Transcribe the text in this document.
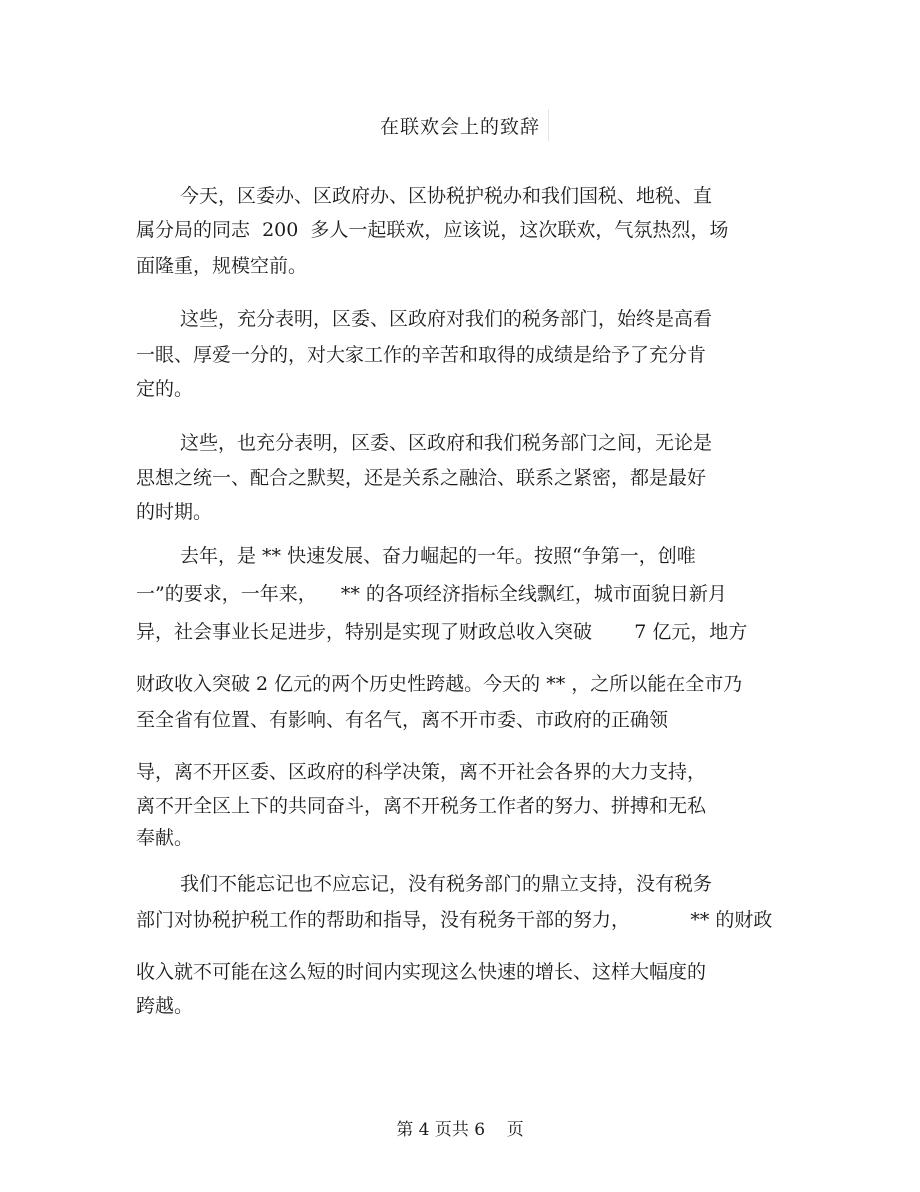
在联欢会上的致辞
今天，区委办、区政府办、区协税护税办和我们国税、地税、直
属分局的同志  200  多人一起联欢，应该说，这次联欢，气氛热烈，场
面隆重，规模空前。
这些，充分表明，区委、区政府对我们的税务部门，始终是高看
一眼、厚爱一分的，对大家工作的辛苦和取得的成绩是给予了充分肯
定的。
这些，也充分表明，区委、区政府和我们税务部门之间，无论是
思想之统一、配合之默契，还是关系之融洽、联系之紧密，都是最好
的时期。
去年，是 ** 快速发展、奋力崛起的一年。按照“争第一，创唯
一”的要求，一年来，    ** 的各项经济指标全线飘红，城市面貌日新月
异，社会事业长足进步，特别是实现了财政总收入突破       7 亿元，地方
财政收入突破 2 亿元的两个历史性跨越。今天的 ** ，之所以能在全市乃
至全省有位置、有影响、有名气，离不开市委、市政府的正确领
导，离不开区委、区政府的科学决策，离不开社会各界的大力支持，
离不开全区上下的共同奋斗，离不开税务工作者的努力、拼搏和无私
奉献。
我们不能忘记也不应忘记，没有税务部门的鼎立支持，没有税务
部门对协税护税工作的帮助和指导，没有税务干部的努力，          ** 的财政
收入就不可能在这么短的时间内实现这么快速的增长、这样大幅度的
跨越。
第 4 页共 6    页
